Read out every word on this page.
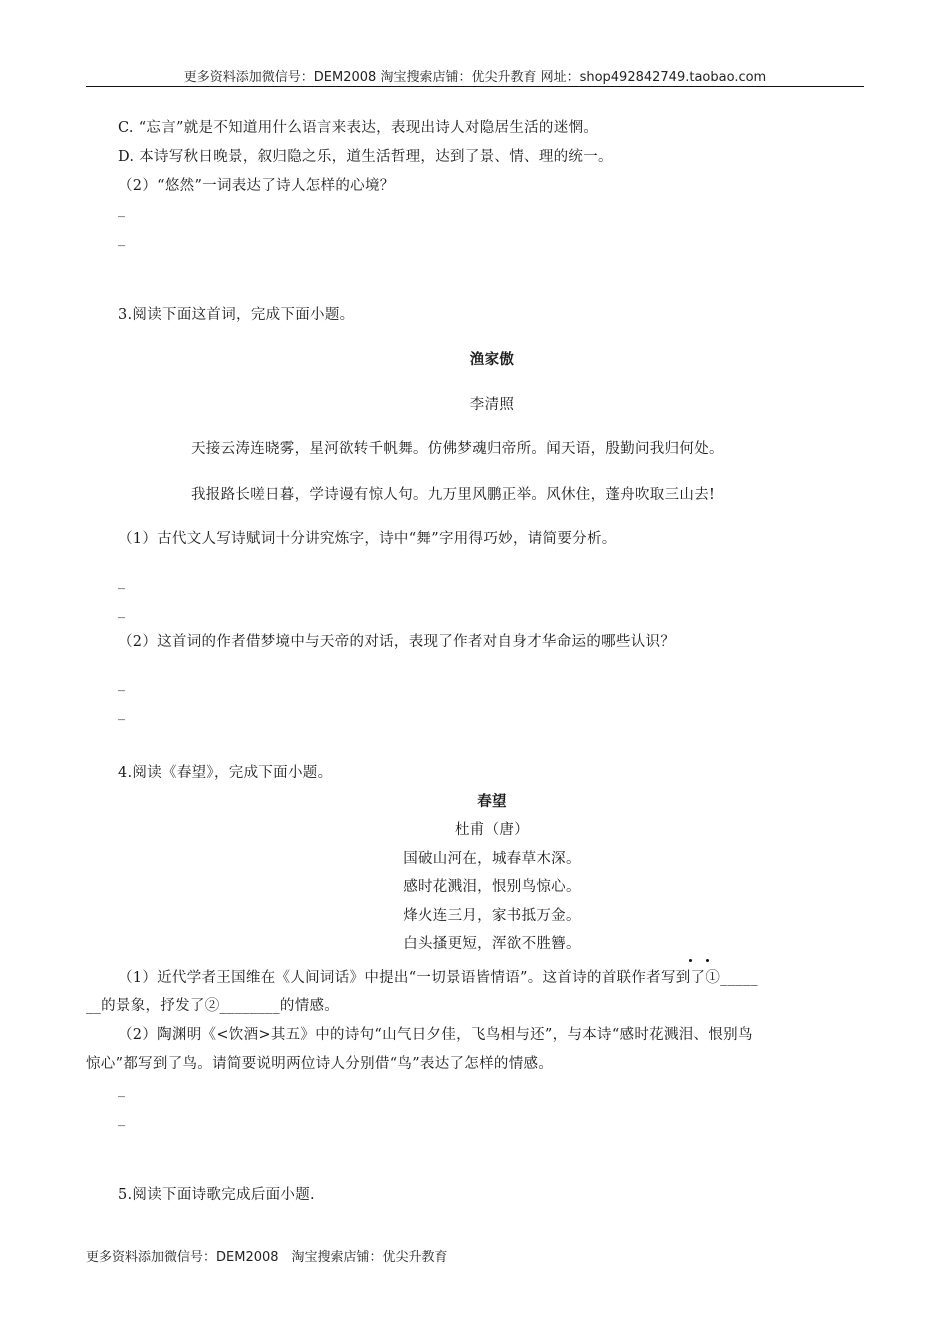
更多资料添加微信号：DEM2008 淘宝搜索店铺：优尖升教育 网址：shop492842749.taobao.com
C. “忘言”就是不知道用什么语言来表达，表现出诗人对隐居生活的迷惘。
D. 本诗写秋日晚景，叙归隐之乐，道生活哲理，达到了景、情、理的统一。
（2）“悠然”一词表达了诗人怎样的心境？
_
_
3.阅读下面这首词，完成下面小题。
渔家傲
李清照
天接云涛连晓雾，星河欲转千帆舞。仿佛梦魂归帝所。闻天语，殷勤问我归何处。
我报路长嗟日暮，学诗谩有惊人句。九万里风鹏正举。风休住，蓬舟吹取三山去!
（1）古代文人写诗赋词十分讲究炼字，诗中“舞”字用得巧妙，请简要分析。
_
_
（2）这首词的作者借梦境中与天帝的对话，表现了作者对自身才华命运的哪些认识？
_
_
4.阅读《春望》，完成下面小题。
春望
杜甫（唐）
国破山河在，城春草木深。
感时花溅泪，恨别鸟惊心。
烽火连三月，家书抵万金。
白头搔更短，浑欲不胜簪。
（1）近代学者王国维在《人间词话》中提出“一切景语皆情语”。这首诗的首联作者写到了①_____
__的景象，抒发了②________的情感。
（2）陶渊明《<饮酒>其五》中的诗句“山气日夕佳，飞鸟相与还”，与本诗“感时花溅泪、恨别鸟
惊心”都写到了鸟。请简要说明两位诗人分别借“鸟”表达了怎样的情感。
_
_
5.阅读下面诗歌完成后面小题.
更多资料添加微信号：DEM2008　淘宝搜索店铺：优尖升教育
